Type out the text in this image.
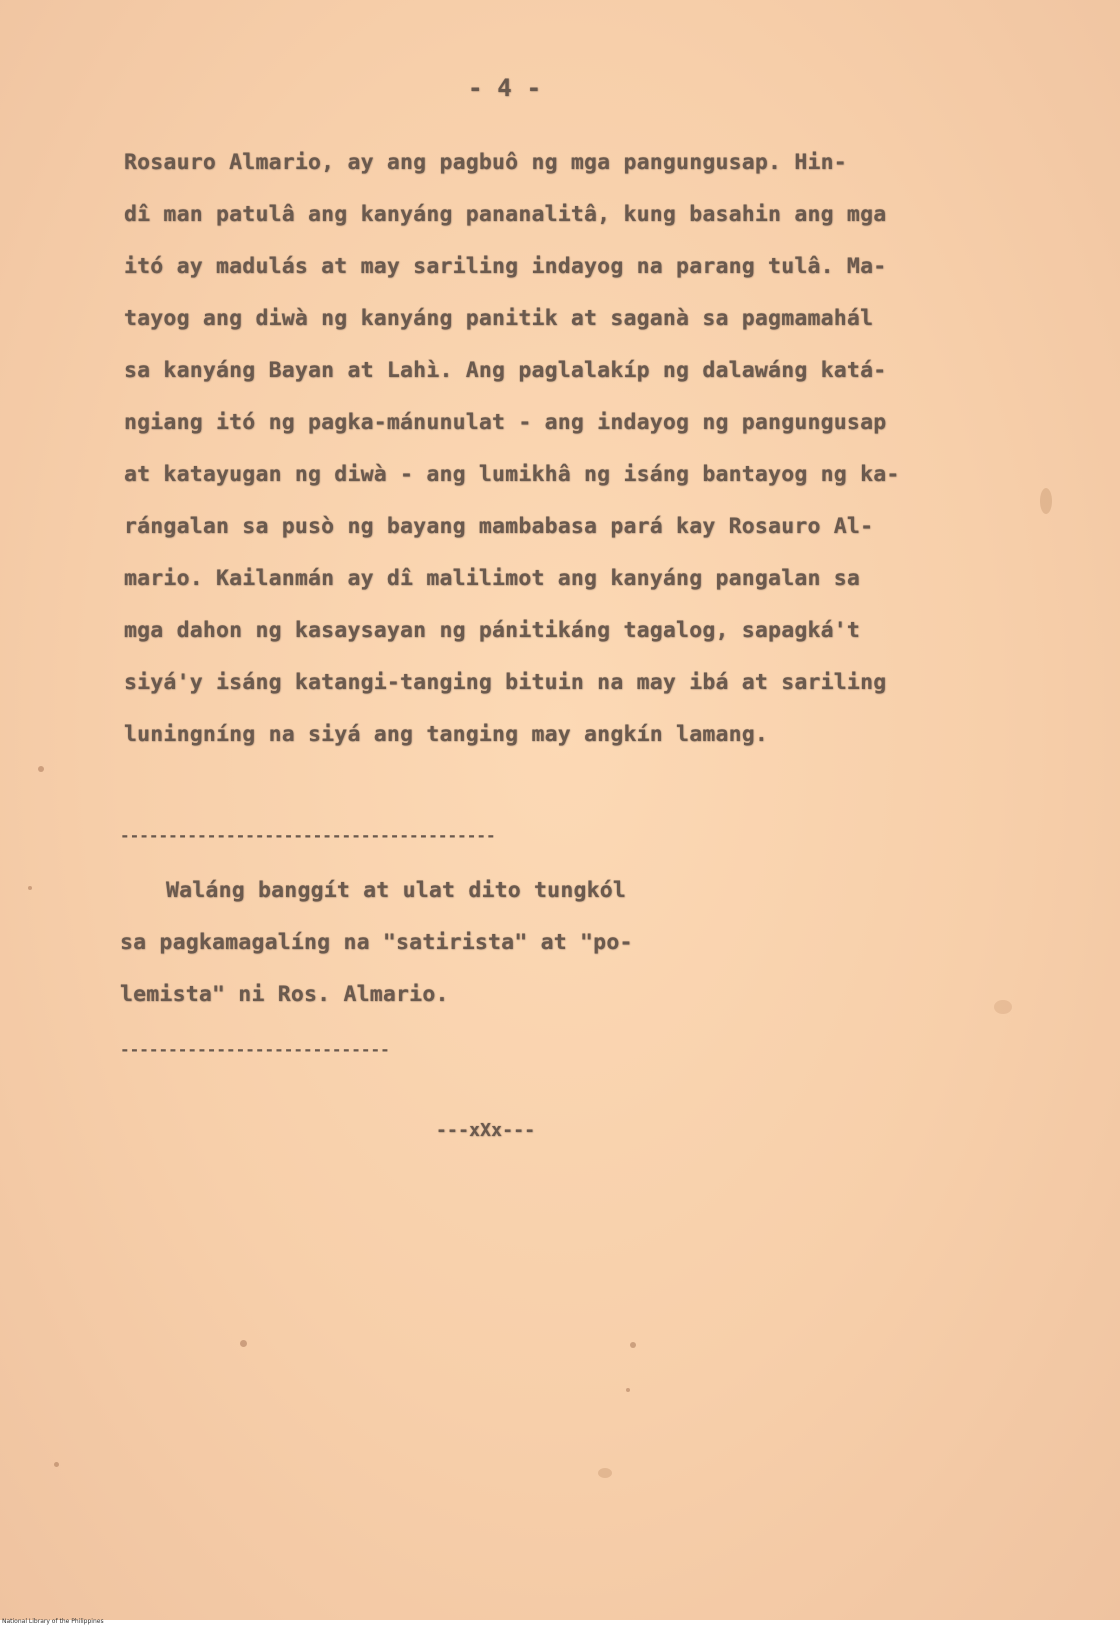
- 4 -
Rosauro Almario, ay ang pagbuô ng mga pangungusap. Hin-
dî man patulâ ang kanyáng pananalitâ, kung basahin ang mga
itó ay madulás at may sariling indayog na parang tulâ. Ma-
tayog ang diwà ng kanyáng panitik at saganà sa pagmamahál
sa kanyáng Bayan at Lahì. Ang paglalakíp ng dalawáng katá-
ngiang itó ng pagka-mánunulat - ang indayog ng pangungusap
at katayugan ng diwà - ang lumikhâ ng isáng bantayog ng ka-
rángalan sa pusò ng bayang mambabasa pará kay Rosauro Al-
mario. Kailanmán ay dî malilimot ang kanyáng pangalan sa
mga dahon ng kasaysayan ng pánitikáng tagalog, sapagká't
siyá'y isáng katangi-tanging bituin na may ibá at sariling
luningníng na siyá ang tanging may angkín lamang.
---------------------------------------
Waláng banggít at ulat dito tungkól
sa pagkamagalíng na "satirista" at "po-
lemista" ni Ros. Almario.
----------------------------
---xXx---
National Library of the Philippines
